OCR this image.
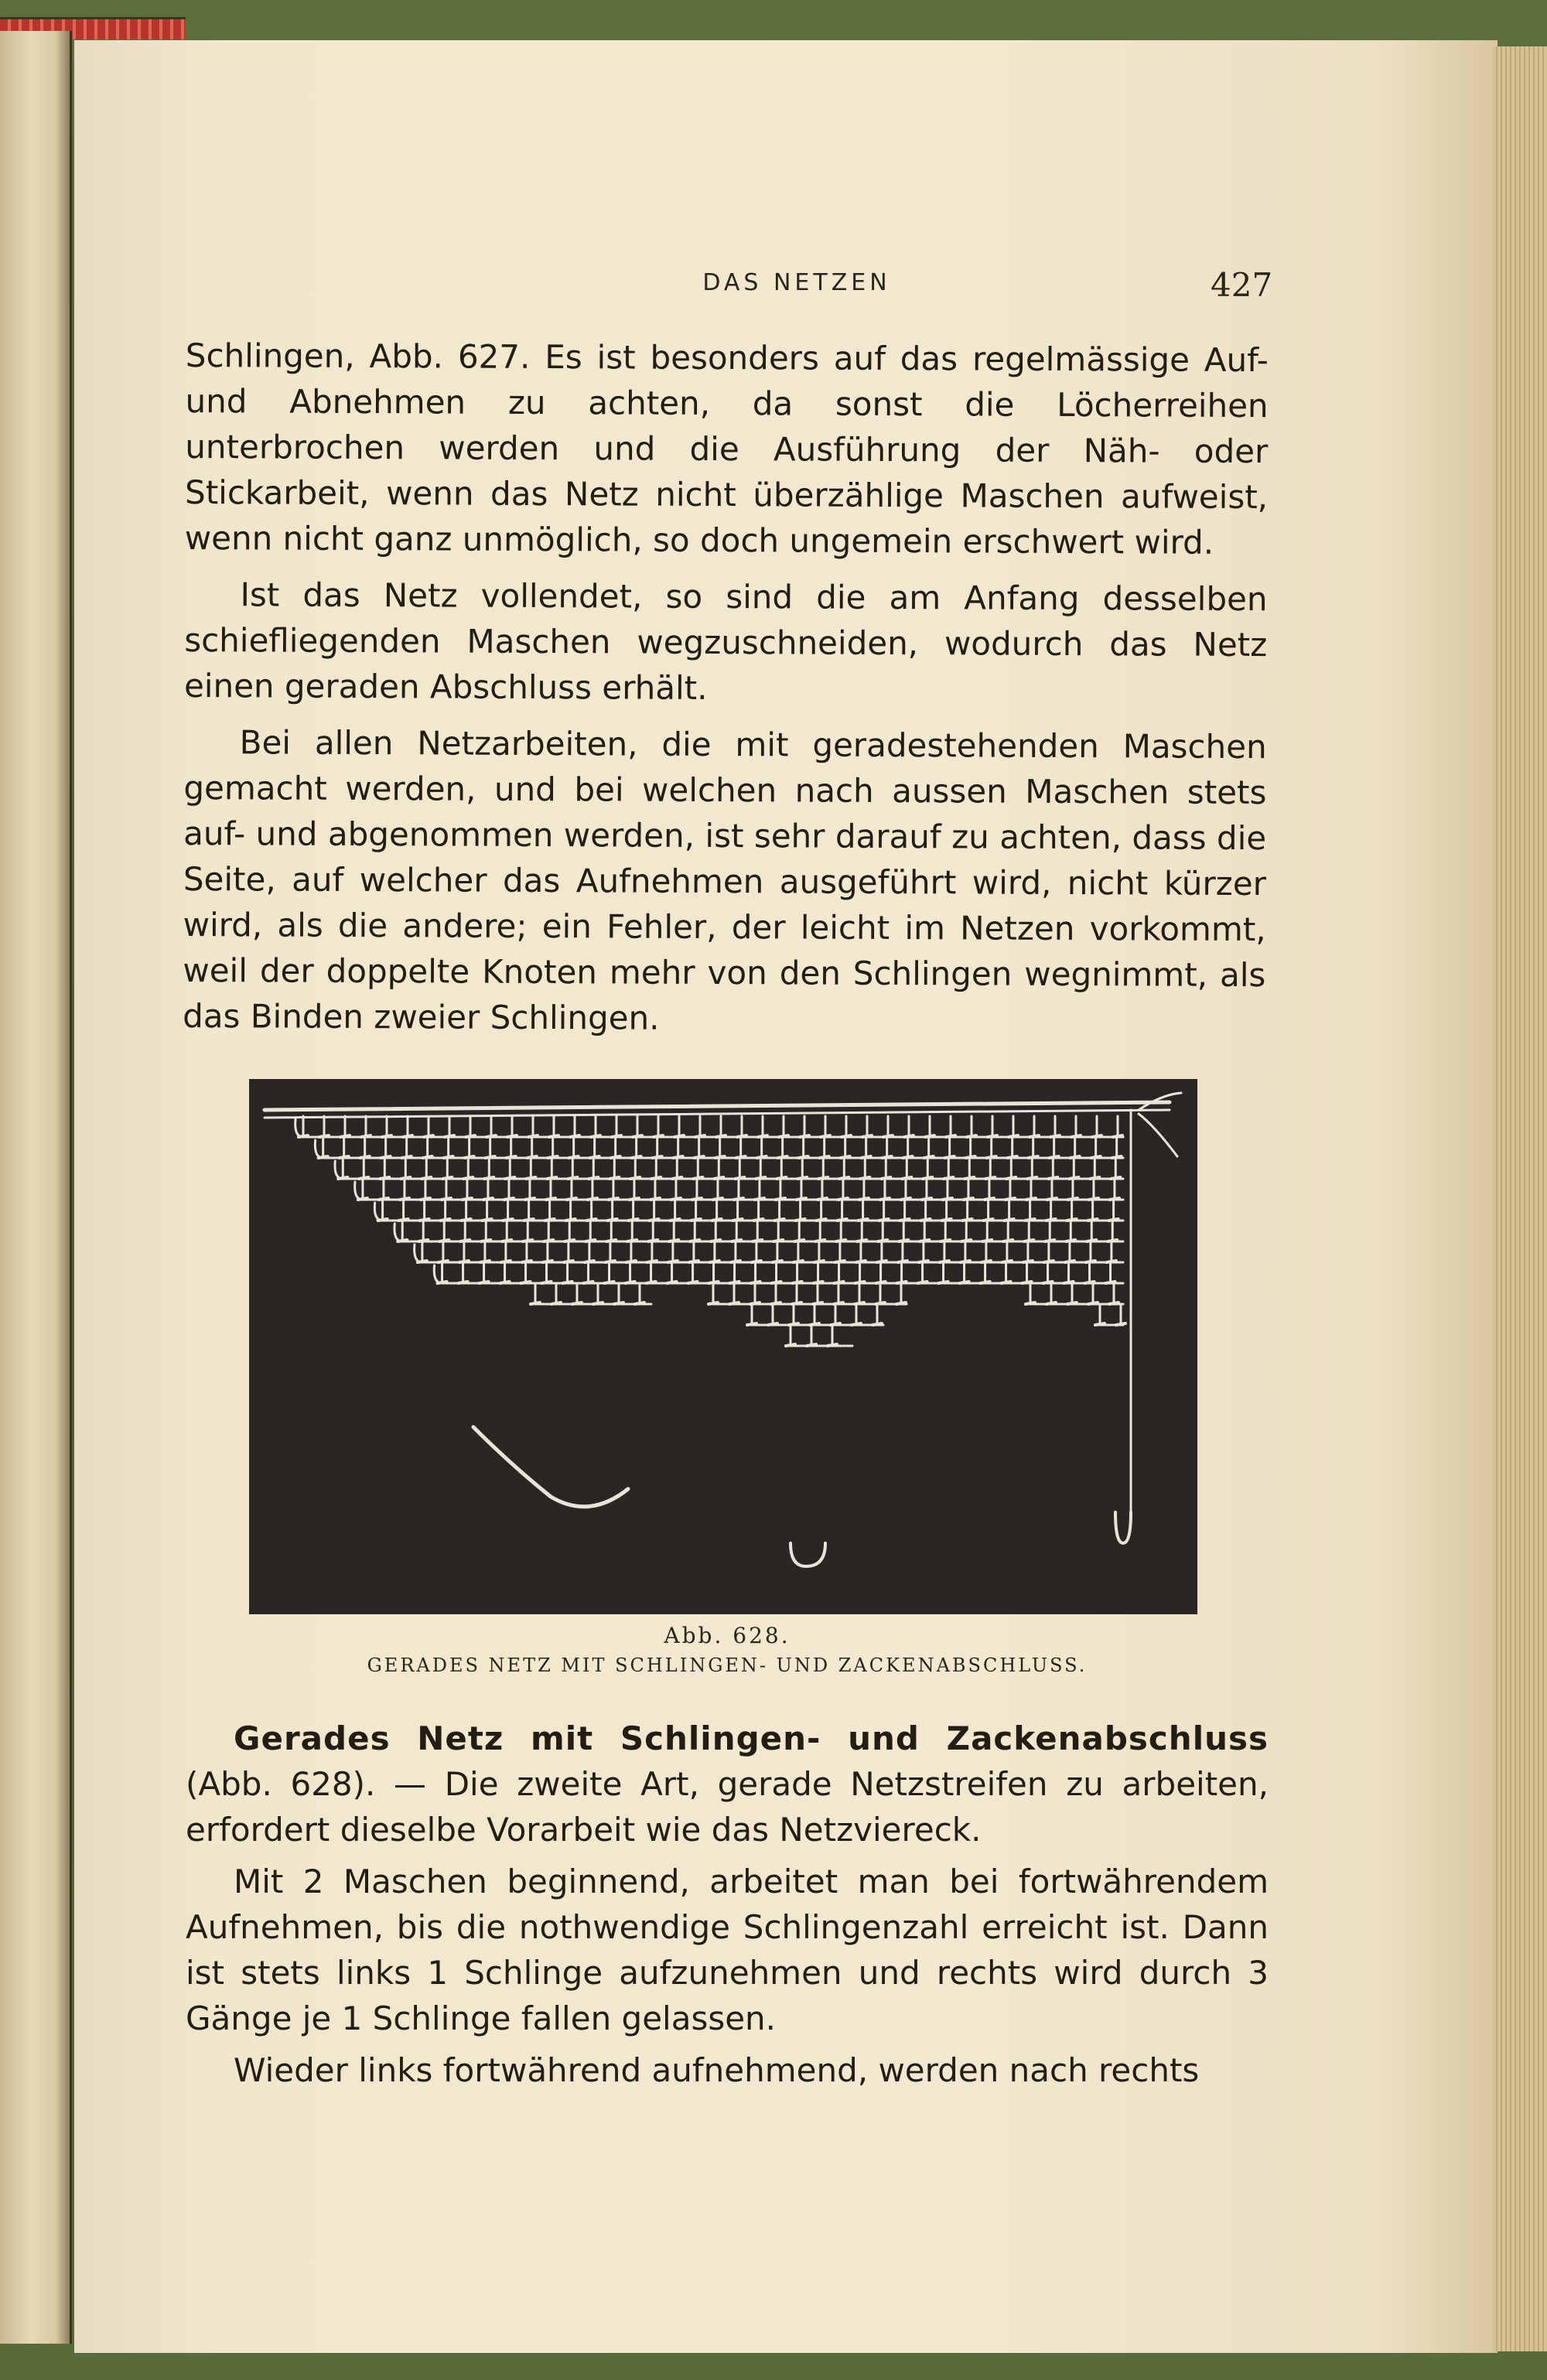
DAS NETZEN	427

Schlingen, Abb. 627. Es ist besonders auf das regelmässige Auf- und Abnehmen zu achten, da sonst die Löcherreihen unterbrochen werden und die Ausführung der Näh- oder Stickarbeit, wenn das Netz nicht überzählige Maschen aufweist, wenn nicht ganz unmöglich, so doch ungemein erschwert wird.

Ist das Netz vollendet, so sind die am Anfang desselben schiefliegenden Maschen wegzuschneiden, wodurch das Netz einen geraden Abschluss erhält.

Bei allen Netzarbeiten, die mit geradestehenden Maschen gemacht werden, und bei welchen nach aussen Maschen stets auf- und abgenommen werden, ist sehr darauf zu achten, dass die Seite, auf welcher das Aufnehmen ausgeführt wird, nicht kürzer wird, als die andere; ein Fehler, der leicht im Netzen vorkommt, weil der doppelte Knoten mehr von den Schlingen wegnimmt, als das Binden zweier Schlingen.

Abb. 628.
GERADES NETZ MIT SCHLINGEN- UND ZACKENABSCHLUSS.

Gerades Netz mit Schlingen- und Zackenabschluss (Abb. 628). — Die zweite Art, gerade Netzstreifen zu arbeiten, erfordert dieselbe Vorarbeit wie das Netzviereck.

Mit 2 Maschen beginnend, arbeitet man bei fortwährendem Aufnehmen, bis die nothwendige Schlingenzahl erreicht ist. Dann ist stets links 1 Schlinge aufzunehmen und rechts wird durch 3 Gänge je 1 Schlinge fallen gelassen.

Wieder links fortwährend aufnehmend, werden nach rechts
